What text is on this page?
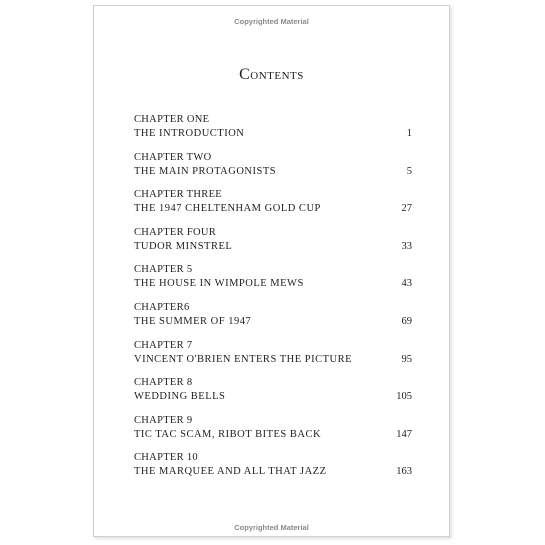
Copyrighted Material
Contents
CHAPTER ONE
THE INTRODUCTION	1
CHAPTER TWO
THE MAIN PROTAGONISTS	5
CHAPTER THREE
THE 1947 CHELTENHAM GOLD CUP	27
CHAPTER FOUR
TUDOR MINSTREL	33
CHAPTER 5
THE HOUSE IN WIMPOLE MEWS	43
CHAPTER6
THE SUMMER OF 1947	69
CHAPTER 7
VINCENT O'BRIEN ENTERS THE PICTURE	95
CHAPTER 8
WEDDING BELLS	105
CHAPTER 9
TIC TAC SCAM, RIBOT BITES BACK	147
CHAPTER 10
THE MARQUEE AND ALL THAT JAZZ	163
Copyrighted Material
